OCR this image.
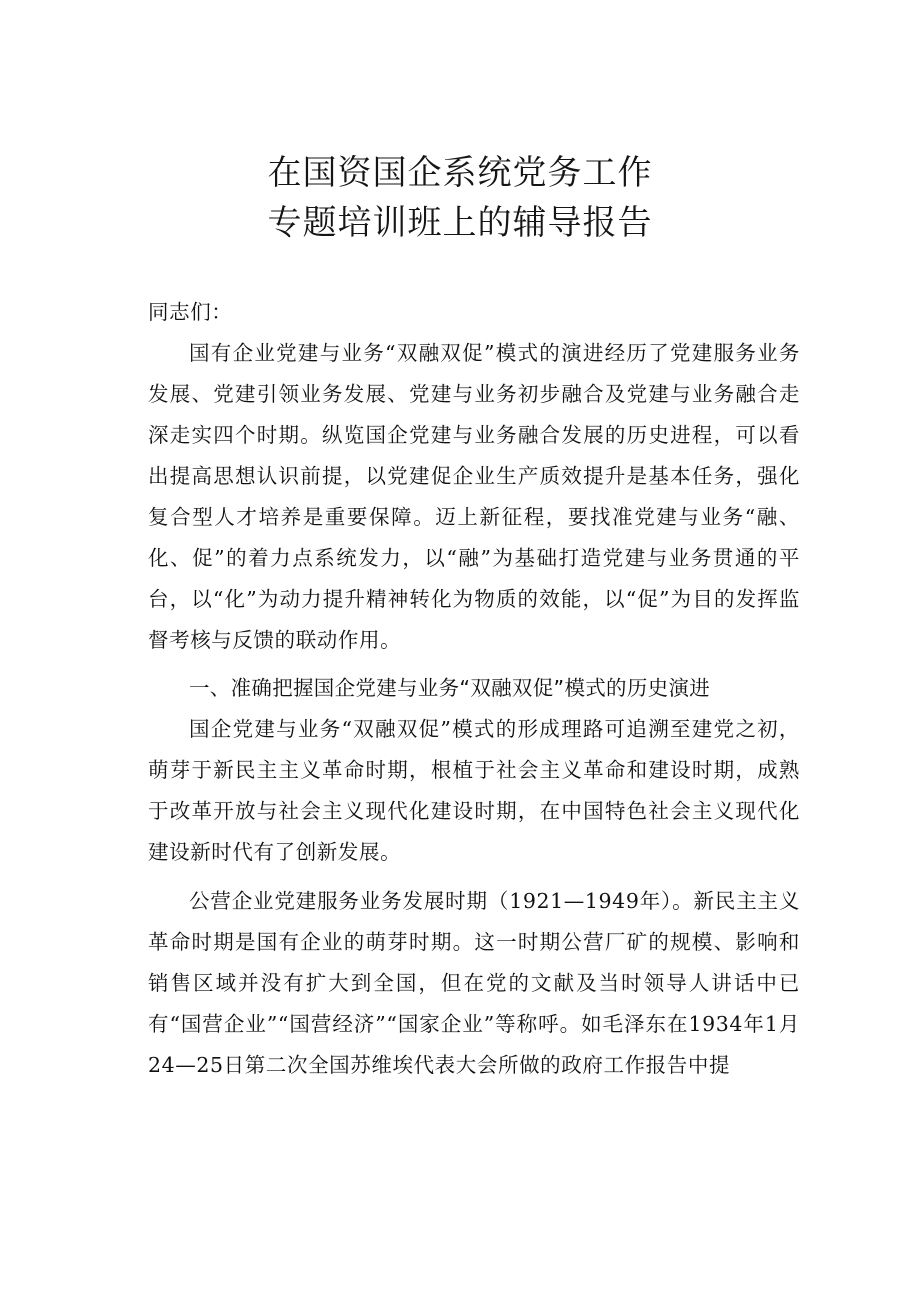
在国资国企系统党务工作
专题培训班上的辅导报告

同志们：

国有企业党建与业务“双融双促”模式的演进经历了党建服务业务发展、党建引领业务发展、党建与业务初步融合及党建与业务融合走深走实四个时期。纵览国企党建与业务融合发展的历史进程，可以看出提高思想认识前提，以党建促企业生产质效提升是基本任务，强化复合型人才培养是重要保障。迈上新征程，要找准党建与业务“融、化、促”的着力点系统发力，以“融”为基础打造党建与业务贯通的平台，以“化”为动力提升精神转化为物质的效能，以“促”为目的发挥监督考核与反馈的联动作用。

一、准确把握国企党建与业务“双融双促”模式的历史演进

国企党建与业务“双融双促”模式的形成理路可追溯至建党之初，萌芽于新民主主义革命时期，根植于社会主义革命和建设时期，成熟于改革开放与社会主义现代化建设时期，在中国特色社会主义现代化建设新时代有了创新发展。

公营企业党建服务业务发展时期（1921—1949年）。新民主主义革命时期是国有企业的萌芽时期。这一时期公营厂矿的规模、影响和销售区域并没有扩大到全国，但在党的文献及当时领导人讲话中已有“国营企业”“国营经济”“国家企业”等称呼。如毛泽东在1934年1月24—25日第二次全国苏维埃代表大会所做的政府工作报告中提
